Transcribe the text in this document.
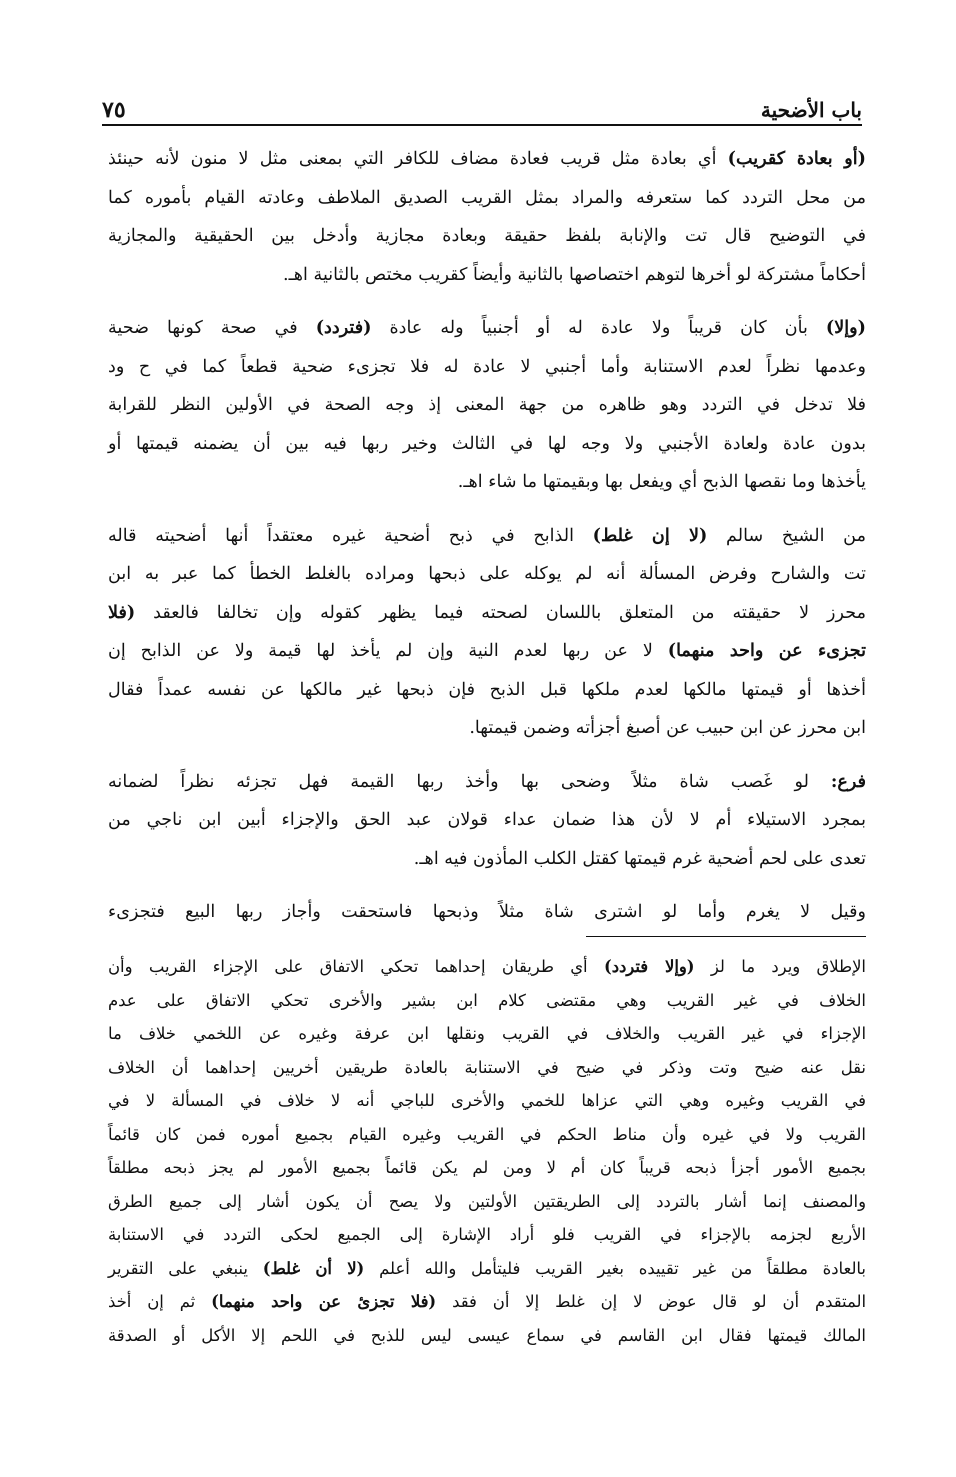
باب الأضحية
٧٥

(أو بعادة كقريب) أي بعادة مثل قريب فعادة مضاف للكافر التي بمعنى مثل لا منون لأنه حينئذ
من محل التردد كما ستعرفه والمراد بمثل القريب الصديق الملاطف وعادته القيام بأموره كما
في التوضيح قال تت والإنابة بلفظ حقيقة وبعادة مجازية وأدخل بين الحقيقية والمجازية
أحكاماً مشتركة لو أخرها لتوهم اختصاصها بالثانية وأيضاً كقريب مختص بالثانية اهـ.

(وإلا) بأن كان قريباً ولا عادة له أو أجنبياً وله عادة (فتردد) في صحة كونها ضحية
وعدمها نظراً لعدم الاستنابة وأما أجنبي لا عادة له فلا تجزىء ضحية قطعاً كما في ح ود
فلا تدخل في التردد وهو ظاهره من جهة المعنى إذ وجه الصحة في الأولين النظر للقرابة
بدون عادة ولعادة الأجنبي ولا وجه لها في الثالث وخير ربها فيه بين أن يضمنه قيمتها أو
يأخذها وما نقصها الذبح أي ويفعل بها وبقيمتها ما شاء اهـ.

من الشيخ سالم (لا إن غلط) الذابح في ذبح أضحية غيره معتقداً أنها أضحيته قاله
تت والشارح وفرض المسألة أنه لم يوكله على ذبحها ومراده بالغلط الخطأ كما عبر به ابن
محرز لا حقيقته من المتعلق باللسان لصحته فيما يظهر كقوله وإن تخالفا فالعقد (فلا
تجزىء عن واحد منهما) لا عن ربها لعدم النية وإن لم يأخذ لها قيمة ولا عن الذابح إن
أخذها أو قيمتها مالكها لعدم ملكها قبل الذبح فإن ذبحها غير مالكها عن نفسه عمداً فقال
ابن محرز عن ابن حبيب عن أصبغ أجزأته وضمن قيمتها.

فرع: لو غَصب شاة مثلاً وضحى بها وأخذ ربها القيمة فهل تجزئه نظراً لضمانه
بمجرد الاستيلاء أم لا لأن هذا ضمان عداء قولان عبد الحق والإجزاء أبين ابن ناجي من
تعدى على لحم أضحية غرم قيمتها كقتل الكلب المأذون فيه اهـ.

وقيل لا يغرم وأما لو اشترى شاة مثلاً وذبحها فاستحقت وأجاز ربها البيع فتجزىء

الإطلاق ويرد ما لز (وإلا فتردد) أي طريقان إحداهما تحكي الاتفاق على الإجزاء القريب وأن
الخلاف في غير القريب وهي مقتضى كلام ابن بشير والأخرى تحكي الاتفاق على عدم
الإجزاء في غير القريب والخلاف في القريب ونقلها ابن عرفة وغيره عن اللخمي خلاف ما
نقل عنه ضيح وتت وذكر في ضيح في الاستنابة بالعادة طريقين أخريين إحداهما أن الخلاف
في القريب وغيره وهي التي عزاها للخمي والأخرى للباجي أنه لا خلاف في المسألة لا في
القريب ولا في غيره وأن مناط الحكم في القريب وغيره القيام بجميع أموره فمن كان قائماً
بجميع الأمور أجزأ ذبحه قريباً كان أم لا ومن لم يكن قائماً بجميع الأمور لم يجز ذبحه مطلقاً
والمصنف إنما أشار بالتردد إلى الطريقتين الأولتين ولا يصح أن يكون أشار إلى جميع الطرق
الأربع لجزمه بالإجزاء في القريب فلو أراد الإشارة إلى الجميع لحكى التردد في الاستنابة
بالعادة مطلقاً من غير تقييده بغير القريب فليتأمل والله أعلم (لا أن غلط) ينبغي على التقرير
المتقدم أن لو قال عوض لا إن غلط إلا أن فقد (فلا تجزئ عن واحد منهما) ثم إن أخذ
المالك قيمتها فقال ابن القاسم في سماع عيسى ليس للذبح في اللحم إلا الأكل أو الصدقة
